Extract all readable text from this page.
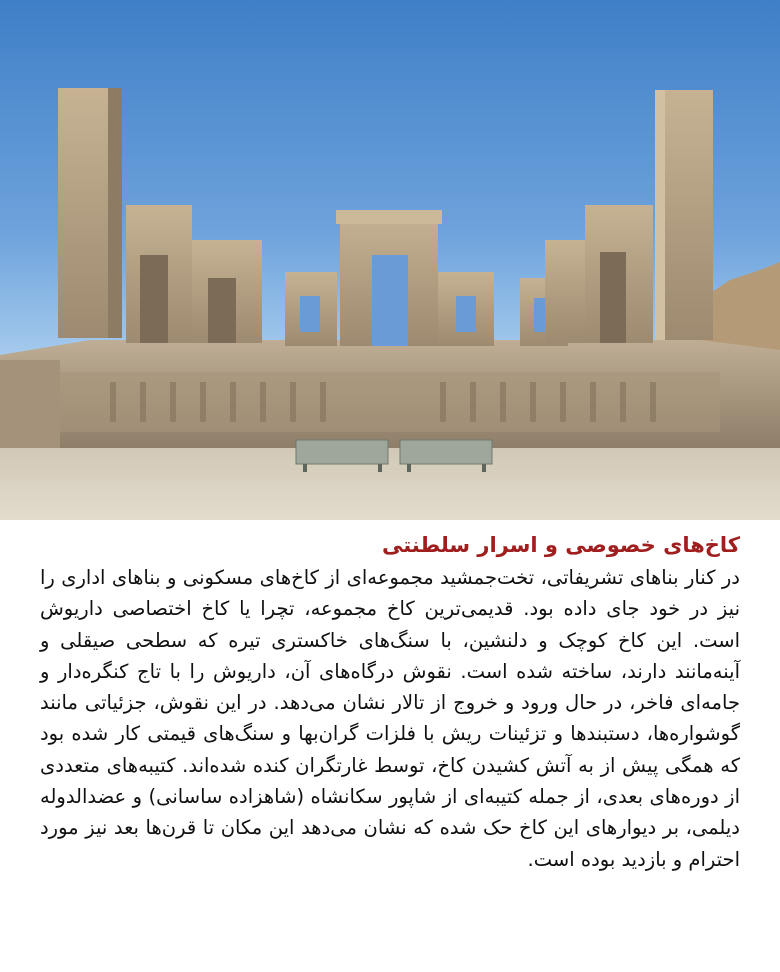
کاخ‌های خصوصی و اسرار سلطنتی

در کنار بناهای تشریفاتی، تخت‌جمشید مجموعه‌ای از کاخ‌های مسکونی و بناهای اداری را نیز در خود جای داده بود. قدیمی‌ترین کاخ مجموعه، تچرا یا کاخ اختصاصی داریوش است. این کاخ کوچک و دلنشین، با سنگ‌های خاکستری تیره که سطحی صیقلی و آینه‌مانند دارند، ساخته شده است. نقوش درگاه‌های آن، داریوش را با تاج کنگره‌دار و جامه‌ای فاخر، در حال ورود و خروج از تالار نشان می‌دهد. در این نقوش، جزئیاتی مانند گوشواره‌ها، دستبندها و تزئینات ریش با فلزات گران‌بها و سنگ‌های قیمتی کار شده بود که همگی پیش از به آتش کشیدن کاخ، توسط غارتگران کنده شده‌اند. کتیبه‌های متعددی از دوره‌های بعدی، از جمله کتیبه‌ای از شاپور سکانشاه (شاهزاده ساسانی) و عضدالدوله دیلمی، بر دیوارهای این کاخ حک شده که نشان می‌دهد این مکان تا قرن‌ها بعد نیز مورد احترام و بازدید بوده است.
